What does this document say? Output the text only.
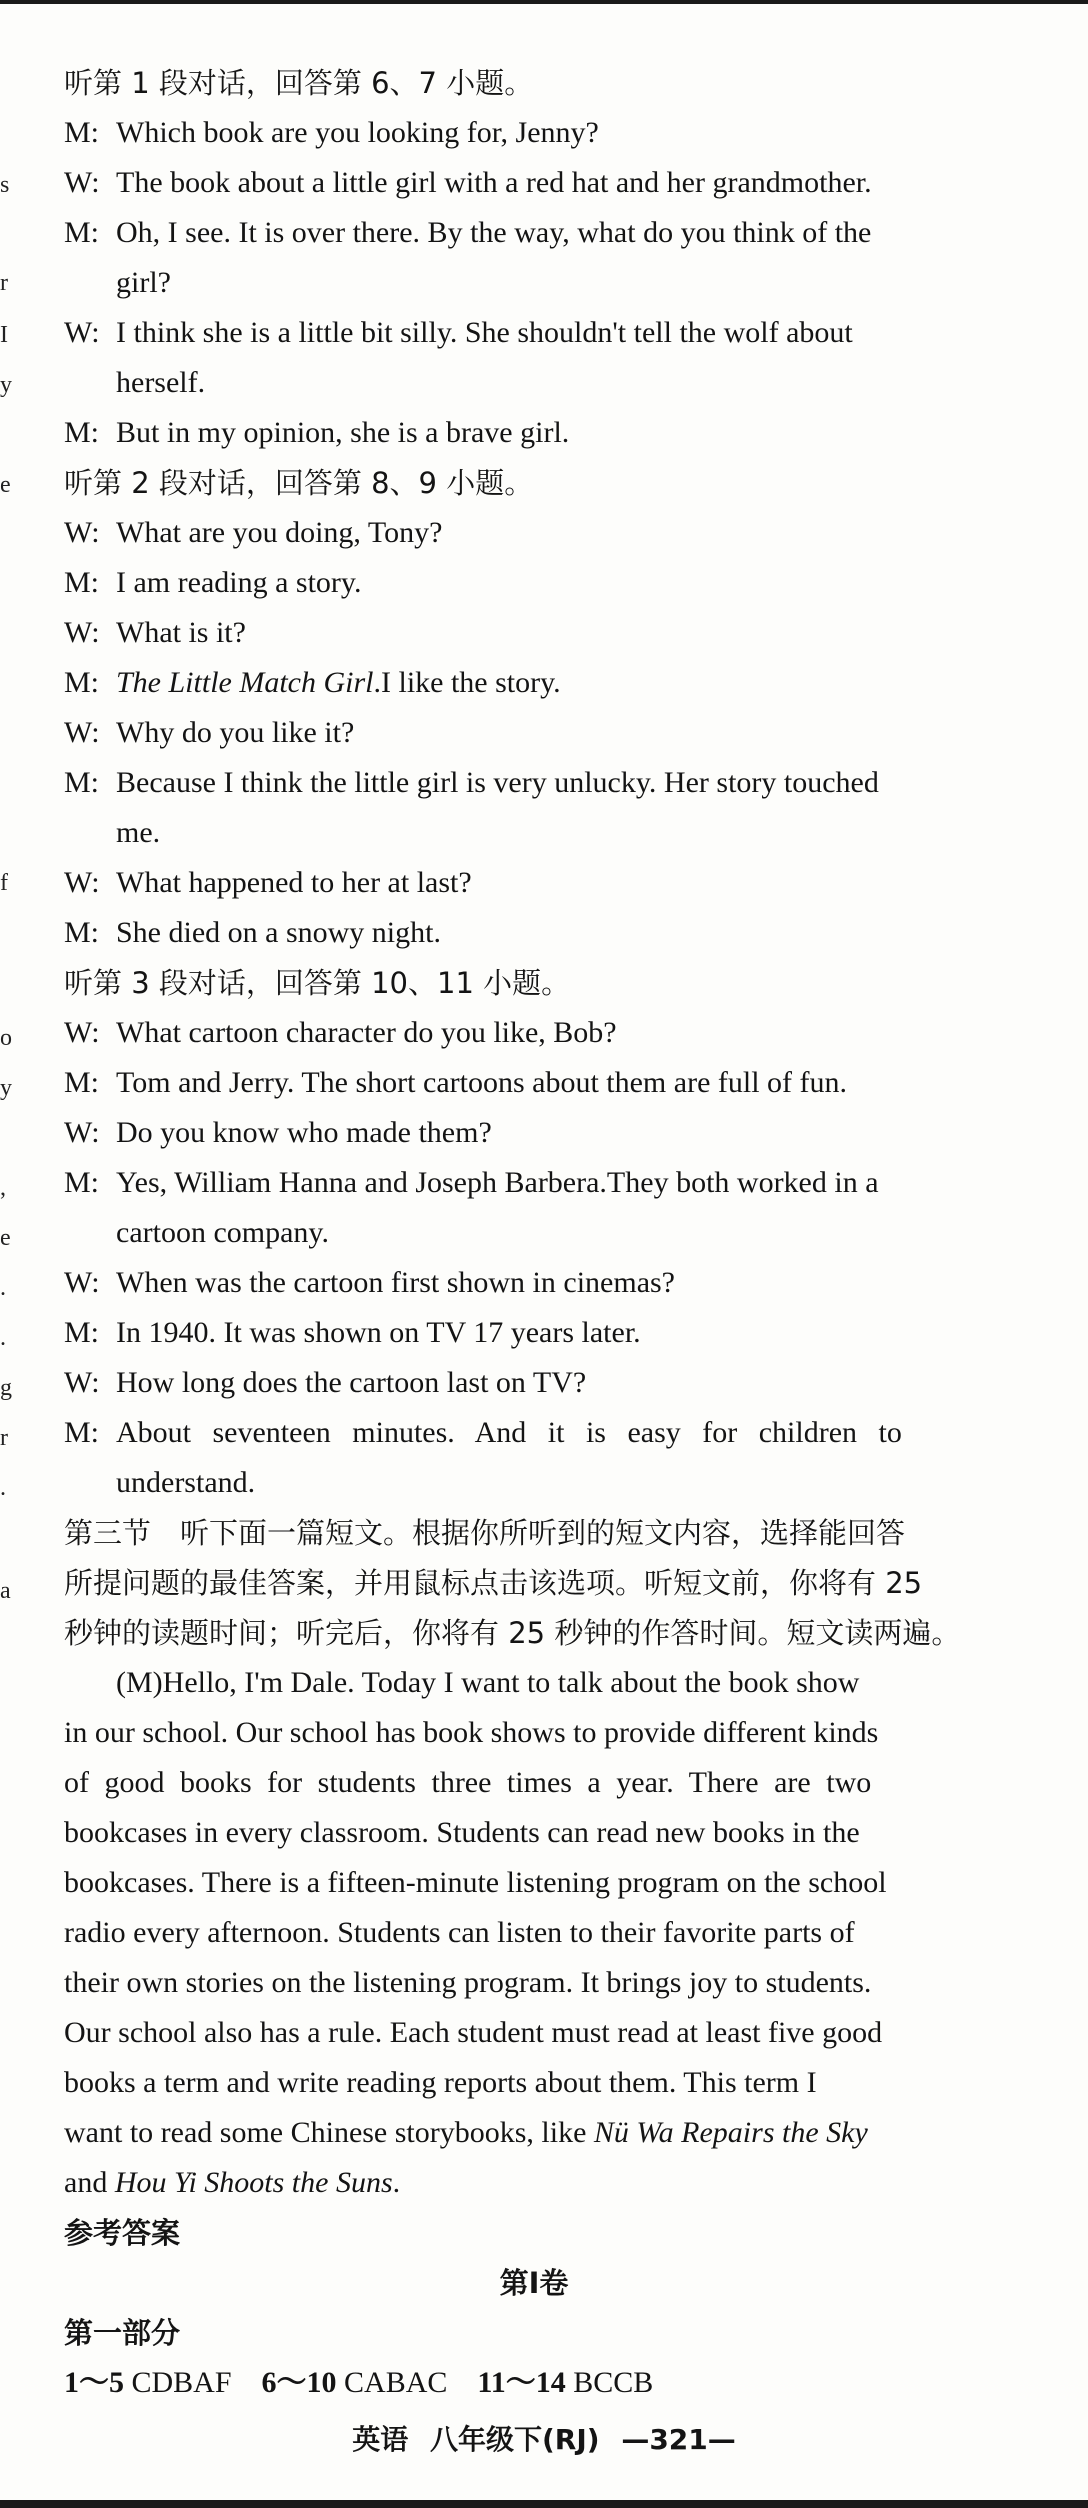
s
r
I
y
e
f
o
y
,
e
.
.
g
r
.
a
听第 1 段对话，回答第 6、7 小题。
M: Which book are you looking for, Jenny?
W: The book about a little girl with a red hat and her grandmother.
M: Oh, I see. It is over there. By the way, what do you think of the
girl?
W: I think she is a little bit silly. She shouldn't tell the wolf about
herself.
M: But in my opinion, she is a brave girl.
听第 2 段对话，回答第 8、9 小题。
W: What are you doing, Tony?
M: I am reading a story.
W: What is it?
M: The Little Match Girl.I like the story.
W: Why do you like it?
M: Because I think the little girl is very unlucky. Her story touched
me.
W: What happened to her at last?
M: She died on a snowy night.
听第 3 段对话，回答第 10、11 小题。
W: What cartoon character do you like, Bob?
M: Tom and Jerry. The short cartoons about them are full of fun.
W: Do you know who made them?
M: Yes, William Hanna and Joseph Barbera.They both worked in a
cartoon company.
W: When was the cartoon first shown in cinemas?
M: In 1940. It was shown on TV 17 years later.
W: How long does the cartoon last on TV?
M: About seventeen minutes. And it is easy for children to
understand.
第三节　听下面一篇短文。根据你所听到的短文内容，选择能回答
所提问题的最佳答案，并用鼠标点击该选项。听短文前，你将有 25
秒钟的读题时间；听完后，你将有 25 秒钟的作答时间。短文读两遍。
(M)Hello, I'm Dale. Today I want to talk about the book show
in our school. Our school has book shows to provide different kinds
of good books for students three times a year. There are two
bookcases in every classroom. Students can read new books in the
bookcases. There is a fifteen-minute listening program on the school
radio every afternoon. Students can listen to their favorite parts of
their own stories on the listening program. It brings joy to students.
Our school also has a rule. Each student must read at least five good
books a term and write reading reports about them. This term I
want to read some Chinese storybooks, like Nü Wa Repairs the Sky
and Hou Yi Shoots the Suns.
参考答案
第Ⅰ卷
第一部分
1～5 CDBAF 6～10 CABAC 11～14 BCCB
英语 八年级下(RJ) —321—
